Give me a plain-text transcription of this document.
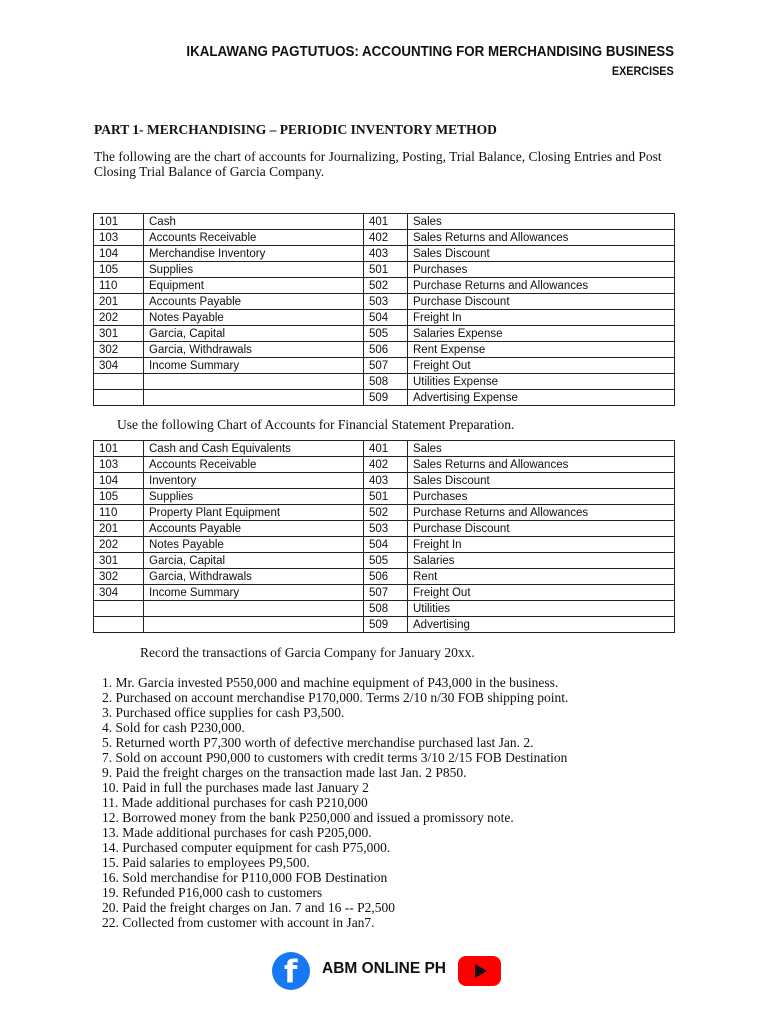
IKALAWANG PAGTUTUOS: ACCOUNTING FOR MERCHANDISING BUSINESS
EXERCISES
PART 1- MERCHANDISING – PERIODIC INVENTORY METHOD
The following are the chart of accounts for Journalizing, Posting, Trial Balance, Closing Entries and Post Closing Trial Balance of Garcia Company.
101	Cash	401	Sales
103	Accounts Receivable	402	Sales Returns and Allowances
104	Merchandise Inventory	403	Sales Discount
105	Supplies	501	Purchases
110	Equipment	502	Purchase Returns and Allowances
201	Accounts Payable	503	Purchase Discount
202	Notes Payable	504	Freight In
301	Garcia, Capital	505	Salaries Expense
302	Garcia, Withdrawals	506	Rent Expense
304	Income Summary	507	Freight Out
		508	Utilities Expense
		509	Advertising Expense
Use the following Chart of Accounts for Financial Statement Preparation.
101	Cash and Cash Equivalents	401	Sales
103	Accounts Receivable	402	Sales Returns and Allowances
104	Inventory	403	Sales Discount
105	Supplies	501	Purchases
110	Property Plant Equipment	502	Purchase Returns and Allowances
201	Accounts Payable	503	Purchase Discount
202	Notes Payable	504	Freight In
301	Garcia, Capital	505	Salaries
302	Garcia, Withdrawals	506	Rent
304	Income Summary	507	Freight Out
		508	Utilities
		509	Advertising
Record the transactions of Garcia Company for January 20xx.
1. Mr. Garcia invested P550,000 and machine equipment of P43,000 in the business.
2. Purchased on account merchandise P170,000. Terms 2/10 n/30 FOB shipping point.
3. Purchased office supplies for cash P3,500.
4. Sold for cash P230,000.
5. Returned worth P7,300 worth of defective merchandise purchased last Jan. 2.
7. Sold on account P90,000 to customers with credit terms 3/10 2/15 FOB Destination
9. Paid the freight charges on the transaction made last Jan. 2 P850.
10. Paid in full the purchases made last January 2
11. Made additional purchases for cash P210,000
12. Borrowed money from the bank P250,000 and issued a promissory note.
13. Made additional purchases for cash P205,000.
14. Purchased computer equipment for cash P75,000.
15. Paid salaries to employees P9,500.
16. Sold merchandise for P110,000 FOB Destination
19. Refunded P16,000 cash to customers
20. Paid the freight charges on Jan. 7 and 16 -- P2,500
22. Collected from customer with account in Jan7.
f ABM ONLINE PH
